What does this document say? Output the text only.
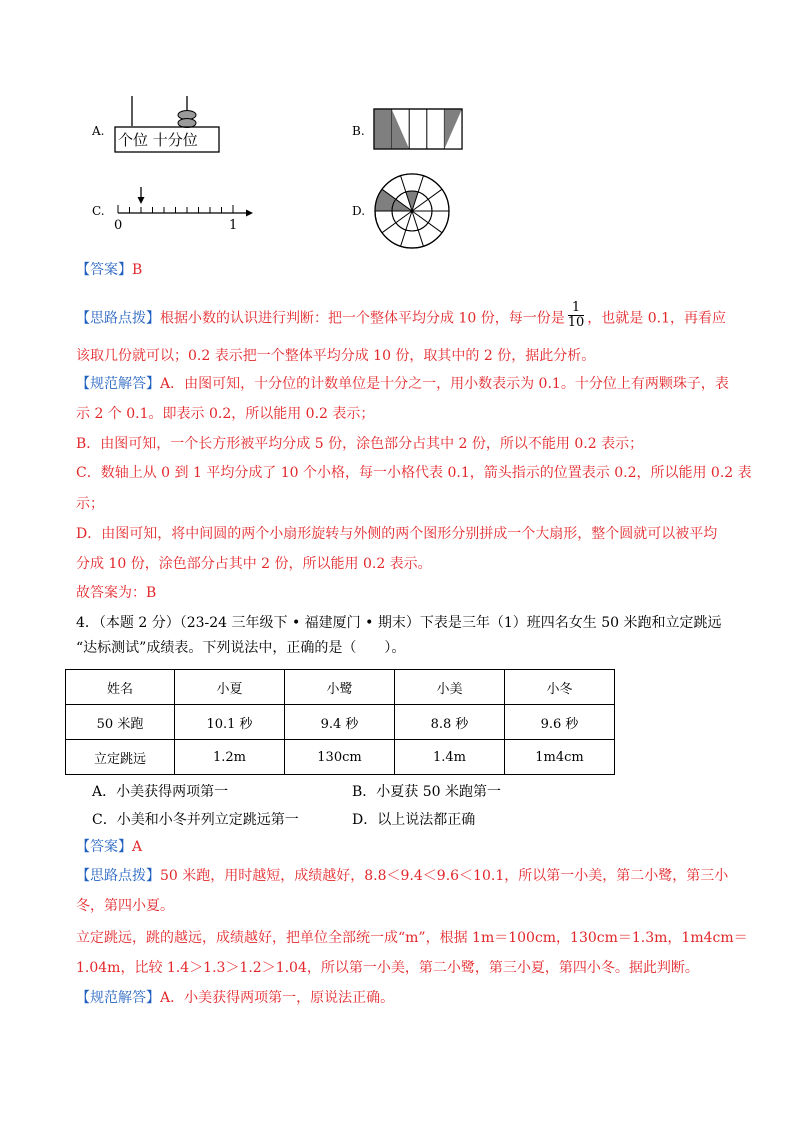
A. 个位 十分位	B.
C.
0	1
D.
【答案】B
【思路点拨】根据小数的认识进行判断：把一个整体平均分成 10 份，每一份是 $\frac{1}{10}$ ，也就是 0.1，再看应
该取几份就可以；0.2 表示把一个整体平均分成 10 份，取其中的 2 份，据此分析。
【规范解答】A．由图可知，十分位的计数单位是十分之一，用小数表示为 0.1。十分位上有两颗珠子，表
示 2 个 0.1。即表示 0.2，所以能用 0.2 表示；
B．由图可知，一个长方形被平均分成 5 份，涂色部分占其中 2 份，所以不能用 0.2 表示；
C．数轴上从 0 到 1 平均分成了 10 个小格，每一小格代表 0.1，箭头指示的位置表示 0.2，所以能用 0.2 表
示；
D．由图可知，将中间圆的两个小扇形旋转与外侧的两个图形分别拼成一个大扇形，整个圆就可以被平均
分成 10 份，涂色部分占其中 2 份，所以能用 0.2 表示。
故答案为：B
4．（本题 2 分）（23-24 三年级下 • 福建厦门 • 期末）下表是三年（1）班四名女生 50 米跑和立定跳远
“达标测试”成绩表。下列说法中，正确的是（　　）。
姓名	小夏	小鹭	小美	小冬
50 米跑	10.1 秒	9.4 秒	8.8 秒	9.6 秒
立定跳远	1.2m	130cm	1.4m	1m4cm
A．小美获得两项第一	B．小夏获 50 米跑第一
C．小美和小冬并列立定跳远第一	D．以上说法都正确
【答案】A
【思路点拨】50 米跑，用时越短，成绩越好，8.8＜9.4＜9.6＜10.1，所以第一小美，第二小鹭，第三小
冬，第四小夏。
立定跳远，跳的越远，成绩越好，把单位全部统一成“m”，根据 1m＝100cm，130cm＝1.3m，1m4cm＝
1.04m，比较 1.4＞1.3＞1.2＞1.04，所以第一小美，第二小鹭，第三小夏，第四小冬。据此判断。
【规范解答】A．小美获得两项第一，原说法正确。
